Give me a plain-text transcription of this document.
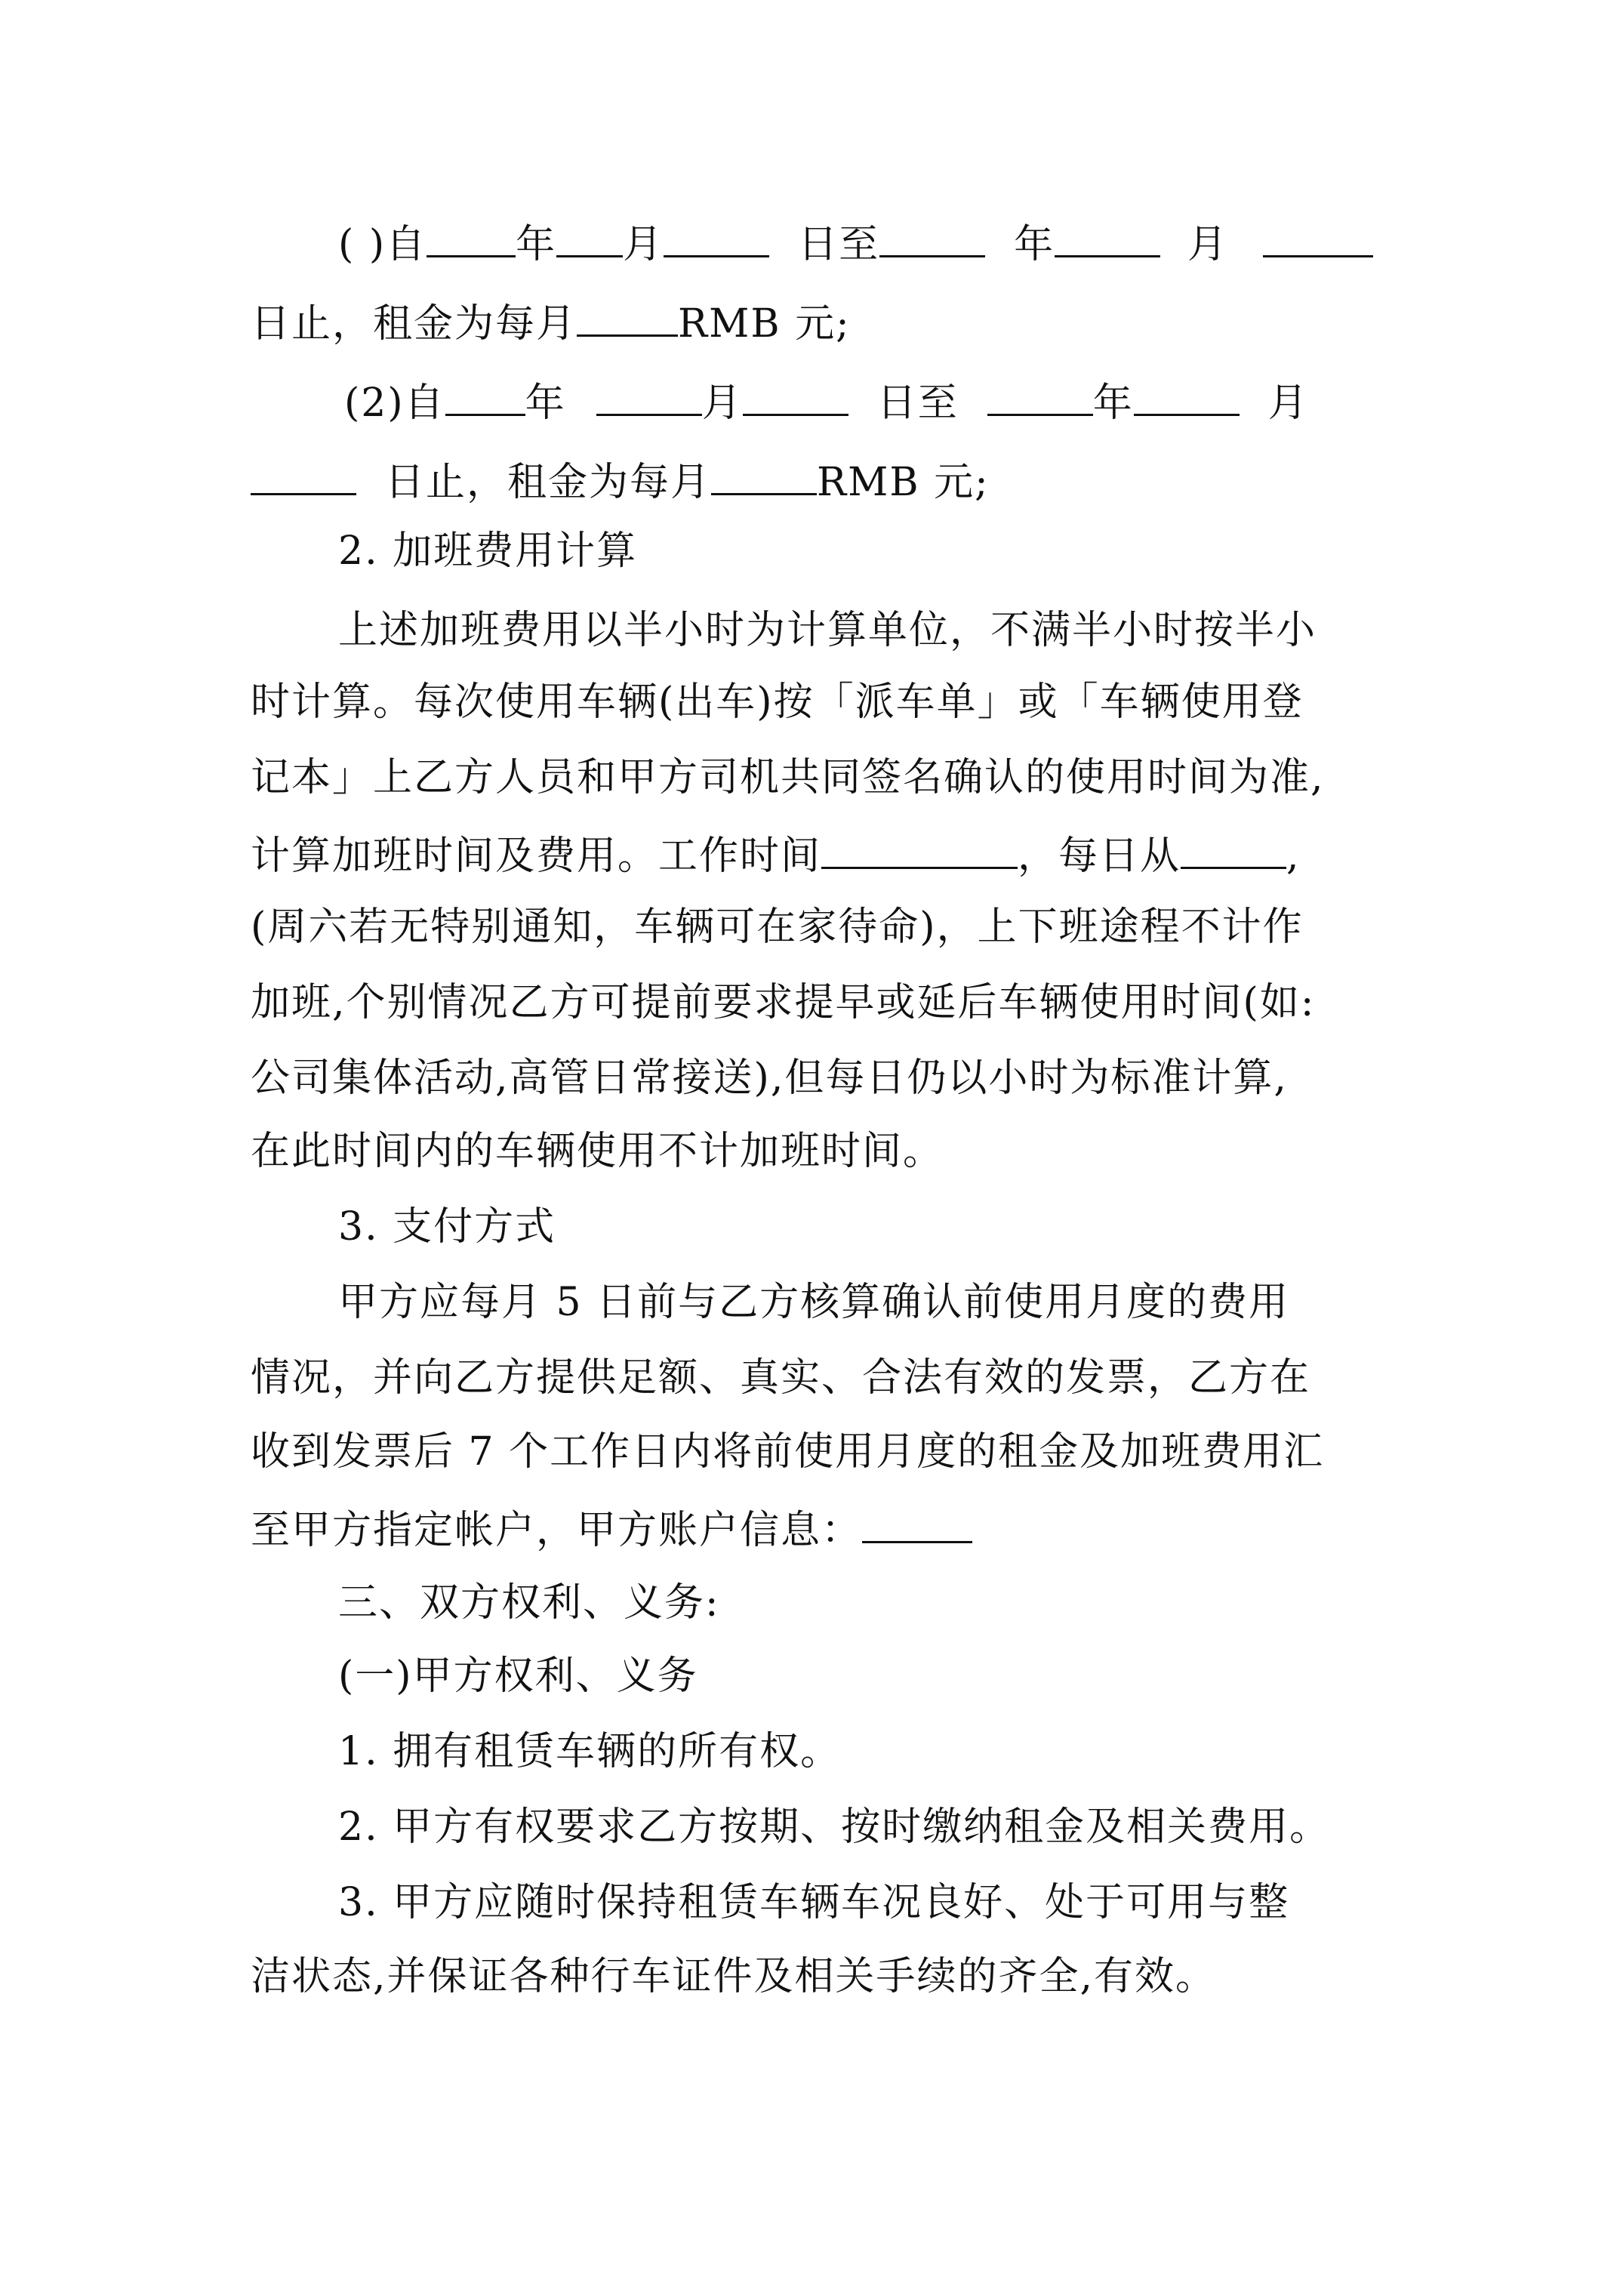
( )自 年 月	日至	年	月
日止，租金为每月	RMB 元;
(2)自 年	月	日至	年	月
日止，租金为每月	RMB 元;
2. 加班费用计算
上述加班费用以半小时为计算单位，不满半小时按半小
时计算。每次使用车辆(出车)按「派车单」或「车辆使用登
记本」上乙方人员和甲方司机共同签名确认的使用时间为准,
计算加班时间及费用。工作时间	，每日从	,
(周六若无特别通知，车辆可在家待命)，上下班途程不计作
加班,个别情况乙方可提前要求提早或延后车辆使用时间(如:
公司集体活动,高管日常接送),但每日仍以小时为标准计算,
在此时间内的车辆使用不计加班时间。
3. 支付方式
甲方应每月 5 日前与乙方核算确认前使用月度的费用
情况，并向乙方提供足额、真实、合法有效的发票，乙方在
收到发票后 7 个工作日内将前使用月度的租金及加班费用汇
至甲方指定帐户，甲方账户信息：
三、双方权利、义务:
(一)甲方权利、义务
1. 拥有租赁车辆的所有权。
2. 甲方有权要求乙方按期、按时缴纳租金及相关费用。
3. 甲方应随时保持租赁车辆车况良好、处于可用与整
洁状态,并保证各种行车证件及相关手续的齐全,有效。
